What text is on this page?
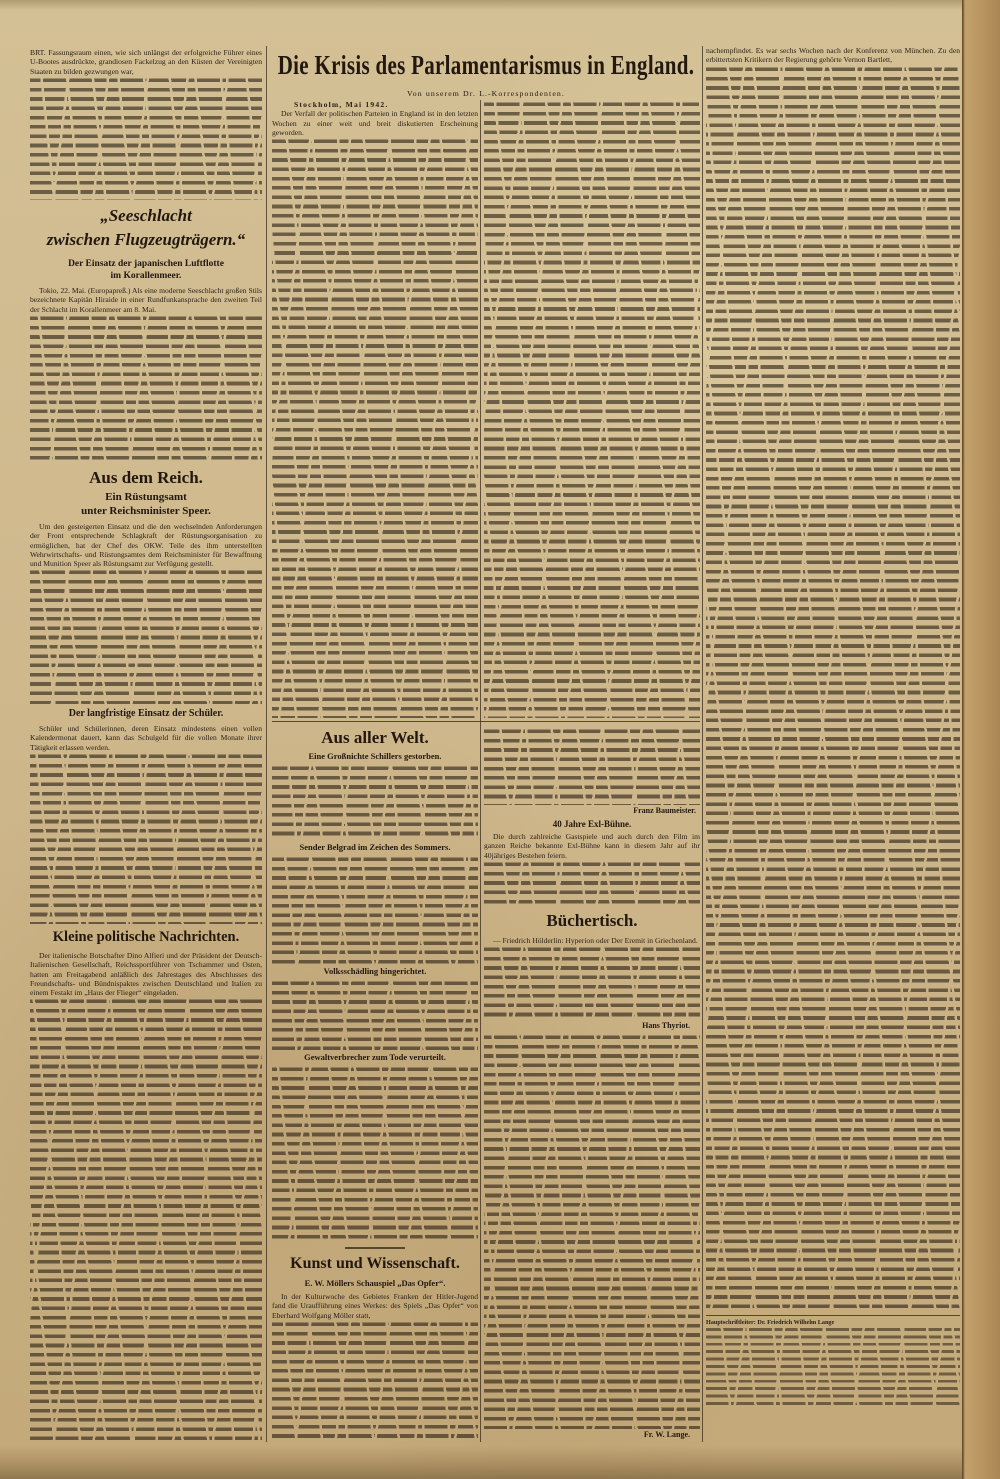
BRT. Fassungsraum einen, wie sich unlängst der erfolgreiche Führer eines U-Bootes ausdrückte, grandiosen Fackelzug an den Küsten der Vereinigten Staaten zu bilden gezwungen war,

„Seeschlacht
zwischen Flugzeugträgern.“
Der Einsatz der japanischen Luftflotte
im Korallenmeer.

Tokio, 22. Mai. (Europapreß.) Als eine moderne Seeschlacht großen Stils bezeichnete Kapitän Hiraide in einer Rundfunkansprache den zweiten Teil der Schlacht im Korallenmeer am 8. Mai.

Aus dem Reich.
Ein Rüstungsamt
unter Reichsminister Speer.

Um den gesteigerten Einsatz und die den wechselnden Anforderungen der Front entsprechende Schlagkraft der Rüstungsorganisation zu ermöglichen, hat der Chef des OKW. Teile des ihm unterstellten Wehrwirtschafts- und Rüstungsamtes dem Reichsminister für Bewaffnung und Munition Speer als Rüstungsamt zur Verfügung gestellt.

Der langfristige Einsatz der Schüler.

Schüler und Schülerinnen, deren Einsatz mindestens einen vollen Kalendermonat dauert, kann das Schulgeld für die vollen Monate ihrer Tätigkeit erlassen werden.

Kleine politische Nachrichten.

Der italienische Botschafter Dino Alfieri und der Präsident der Deutsch-Italienischen Gesellschaft, Reichssportführer von Tschammer und Osten, hatten am Freitagabend anläßlich des Jahrestages des Abschlusses des Freundschafts- und Bündnispaktes zwischen Deutschland und Italien zu einem Festakt im „Haus der Flieger“ eingeladen.

Die Krisis des Parlamentarismus in England.
Von unserem Dr. L.-Korrespondenten.

Stockholm, Mai 1942.

Der Verfall der politischen Parteien in England ist in den letzten Wochen zu einer weit und breit diskutierten Erscheinung geworden.

nachempfindet. Es war sechs Wochen nach der Konferenz von München. Zu den erbittertsten Kritikern der Regierung gehörte Vernon Bartlett,

Aus aller Welt.
Eine Großnichte Schillers gestorben.
Sender Belgrad im Zeichen des Sommers.
Volksschädling hingerichtet.
Gewaltverbrecher zum Tode verurteilt.
Kunst und Wissenschaft.
E. W. Möllers Schauspiel „Das Opfer“.

In der Kulturwoche des Gebietes Franken der Hitler-Jugend fand die Uraufführung eines Werkes: des Spiels „Das Opfer“ von Eberhard Wolfgang Möller statt,

Franz Baumeister.
40 Jahre Exl-Bühne.

Die durch zahlreiche Gastspiele und auch durch den Film im ganzen Reiche bekannte Exl-Bühne kann in diesem Jahr auf ihr 40jähriges Bestehen feiern.

Büchertisch.

— Friedrich Hölderlin: Hyperion oder Der Eremit in Griechenland.

Hans Thyriot.
Fr. W. Lange.

Hauptschriftleiter: Dr. Friedrich Wilhelm Lange
